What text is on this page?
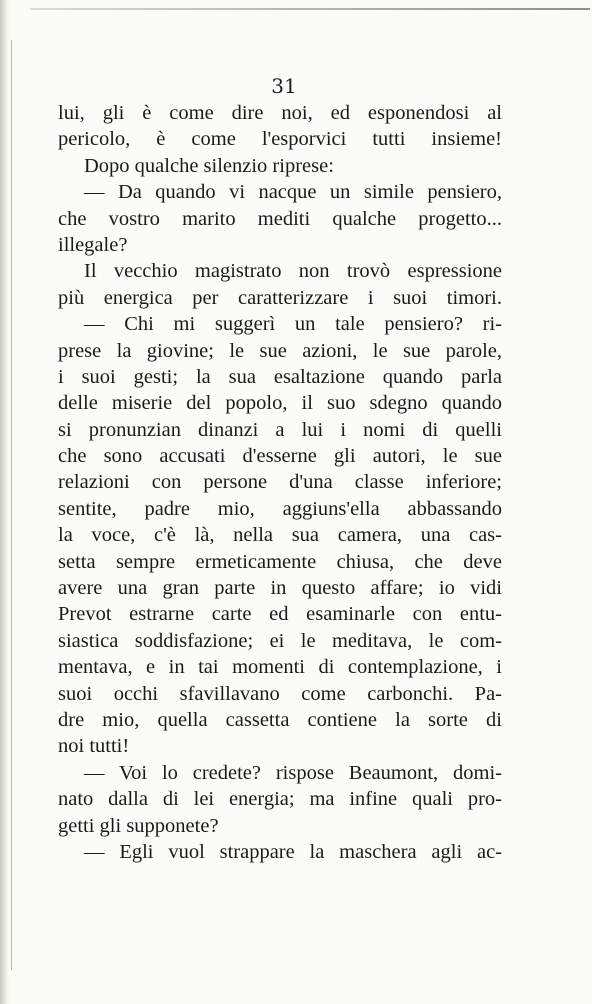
31
lui, gli è come dire noi, ed esponendosi al
pericolo, è come l'esporvici tutti insieme!
Dopo qualche silenzio riprese:
— Da quando vi nacque un simile pensiero,
che vostro marito mediti qualche progetto...
illegale?
Il vecchio magistrato non trovò espressione
più energica per caratterizzare i suoi timori.
— Chi mi suggerì un tale pensiero? ri-
prese la giovine; le sue azioni, le sue parole,
i suoi gesti; la sua esaltazione quando parla
delle miserie del popolo, il suo sdegno quando
si pronunzian dinanzi a lui i nomi di quelli
che sono accusati d'esserne gli autori, le sue
relazioni con persone d'una classe inferiore;
sentite, padre mio, aggiuns'ella abbassando
la voce, c'è là, nella sua camera, una cas-
setta sempre ermeticamente chiusa, che deve
avere una gran parte in questo affare; io vidi
Prevot estrarne carte ed esaminarle con entu-
siastica soddisfazione; ei le meditava, le com-
mentava, e in tai momenti di contemplazione, i
suoi occhi sfavillavano come carbonchi. Pa-
dre mio, quella cassetta contiene la sorte di
noi tutti!
— Voi lo credete? rispose Beaumont, domi-
nato dalla di lei energia; ma infine quali pro-
getti gli supponete?
— Egli vuol strappare la maschera agli ac-
